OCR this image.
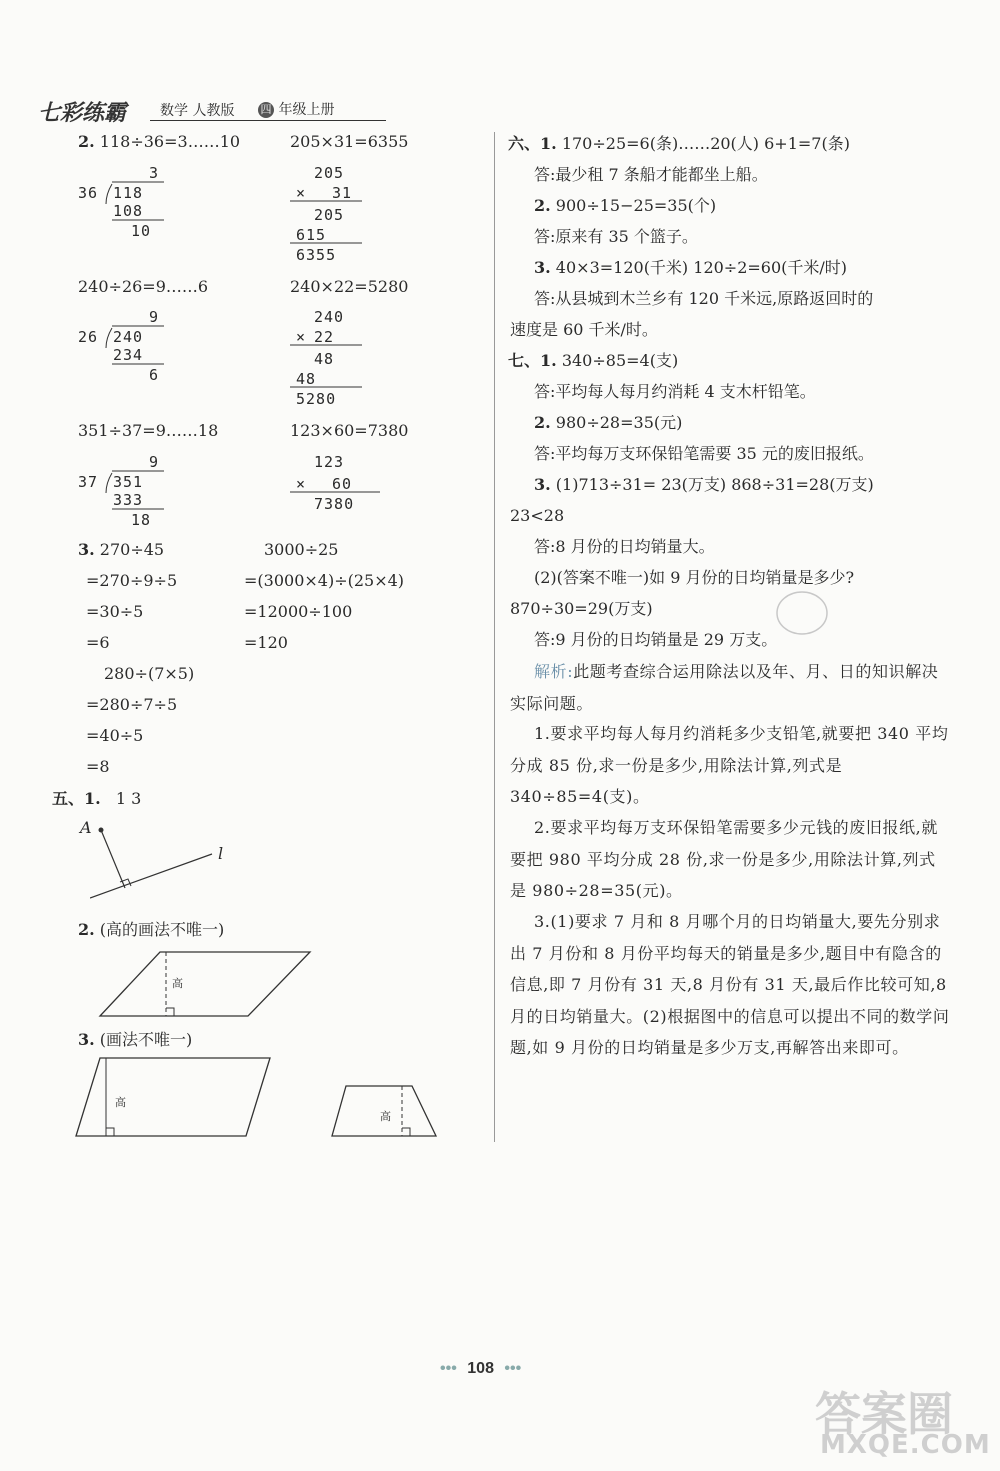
七彩练霸 数学 人教版 四 年级上册
2. 118÷36=3……10	205×31=6355
3
36 118
108
10
205
× 31
205
615
6355
240÷26=9……6	240×22=5280
9
26 240
234
6
240
× 22
48
48
5280
351÷37=9……18	123×60=7380
9
37 351
333
18
123
× 60
7380
3. 270÷45
=270÷9÷5
=30÷5
=6
3000÷25
=(3000×4)÷(25×4)
=12000÷100
=120
280÷(7×5)
=280÷7÷5
=40÷5
=8
五、1. 1 3
A
l
2. (高的画法不唯一)
高
3. (画法不唯一)
高
高

六、1. 170÷25=6(条)……20(人) 6+1=7(条)
答:最少租 7 条船才能都坐上船。
2. 900÷15−25=35(个)
答:原来有 35 个篮子。
3. 40×3=120(千米) 120÷2=60(千米/时)
答:从县城到木兰乡有 120 千米远,原路返回时的
速度是 60 千米/时。
七、1. 340÷85=4(支)
答:平均每人每月约消耗 4 支木杆铅笔。
2. 980÷28=35(元)
答:平均每万支环保铅笔需要 35 元的废旧报纸。
3. (1)713÷31= 23(万支) 868÷31=28(万支)
23<28
答:8 月份的日均销量大。
(2)(答案不唯一)如 9 月份的日均销量是多少?
870÷30=29(万支)
答:9 月份的日均销量是 29 万支。
解析:此题考查综合运用除法以及年、月、日的知识解决实际问题。
1.要求平均每人每月约消耗多少支铅笔,就要把 340 平均分成 85 份,求一份是多少,用除法计算,列式是 340÷85=4(支)。
2.要求平均每万支环保铅笔需要多少元钱的废旧报纸,就要把 980 平均分成 28 份,求一份是多少,用除法计算,列式是 980÷28=35(元)。
3.(1)要求 7 月和 8 月哪个月的日均销量大,要先分别求出 7 月份和 8 月份平均每天的销量是多少,题目中有隐含的信息,即 7 月份有 31 天,8 月份有 31 天,最后作比较可知,8 月的日均销量大。(2)根据图中的信息可以提出不同的数学问题,如 9 月份的日均销量是多少万支,再解答出来即可。
••• 108 •••
答案圈
MXQE.COM
